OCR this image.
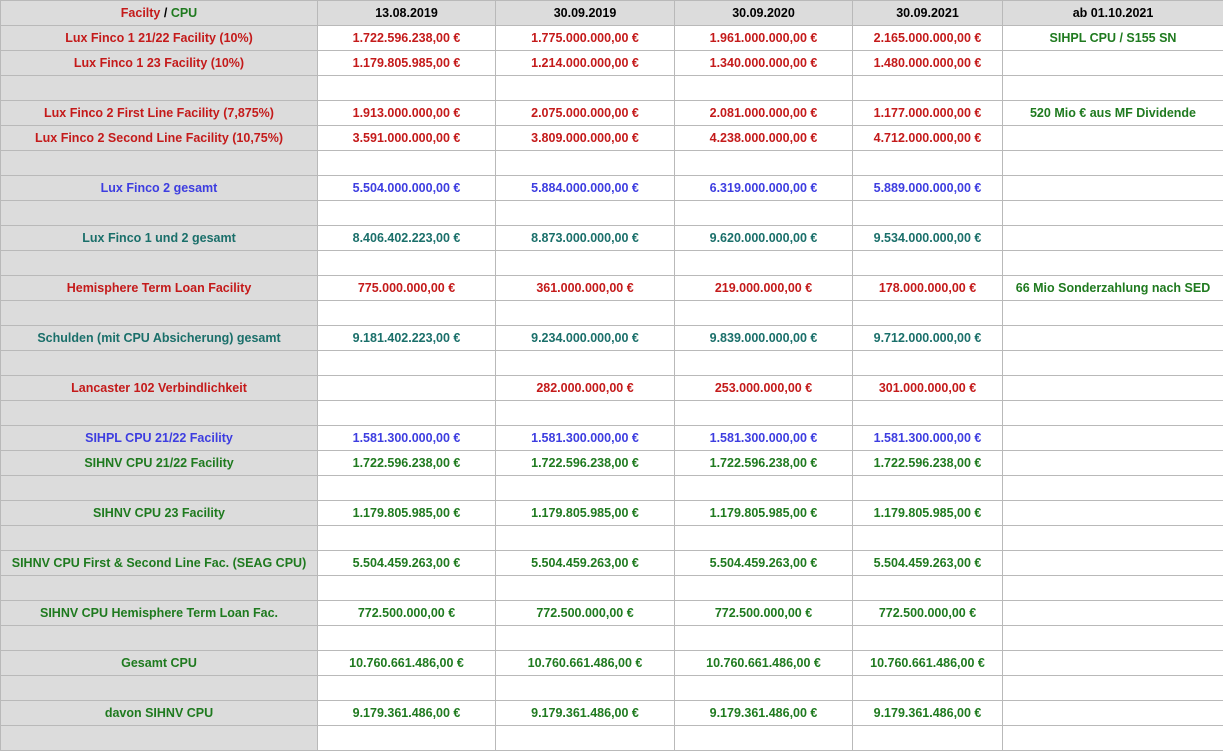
Facilty / CPU	13.08.2019	30.09.2019	30.09.2020	30.09.2021	ab 01.10.2021
Lux Finco 1 21/22 Facility (10%)	1.722.596.238,00 €	1.775.000.000,00 €	1.961.000.000,00 €	2.165.000.000,00 €	SIHPL CPU / S155 SN
Lux Finco 1 23 Facility (10%)	1.179.805.985,00 €	1.214.000.000,00 €	1.340.000.000,00 €	1.480.000.000,00 €	

Lux Finco 2 First Line Facility (7,875%)	1.913.000.000,00 €	2.075.000.000,00 €	2.081.000.000,00 €	1.177.000.000,00 €	520 Mio € aus MF Dividende
Lux Finco 2 Second Line Facility (10,75%)	3.591.000.000,00 €	3.809.000.000,00 €	4.238.000.000,00 €	4.712.000.000,00 €	

Lux Finco 2 gesamt	5.504.000.000,00 €	5.884.000.000,00 €	6.319.000.000,00 €	5.889.000.000,00 €	

Lux Finco 1 und 2 gesamt	8.406.402.223,00 €	8.873.000.000,00 €	9.620.000.000,00 €	9.534.000.000,00 €	

Hemisphere Term Loan Facility	775.000.000,00 €	361.000.000,00 €	219.000.000,00 €	178.000.000,00 €	66 Mio Sonderzahlung nach SED

Schulden (mit CPU Absicherung) gesamt	9.181.402.223,00 €	9.234.000.000,00 €	9.839.000.000,00 €	9.712.000.000,00 €	

Lancaster 102 Verbindlichkeit		282.000.000,00 €	253.000.000,00 €	301.000.000,00 €	

SIHPL CPU 21/22 Facility	1.581.300.000,00 €	1.581.300.000,00 €	1.581.300.000,00 €	1.581.300.000,00 €	
SIHNV CPU 21/22 Facility	1.722.596.238,00 €	1.722.596.238,00 €	1.722.596.238,00 €	1.722.596.238,00 €	

SIHNV CPU 23 Facility	1.179.805.985,00 €	1.179.805.985,00 €	1.179.805.985,00 €	1.179.805.985,00 €	

SIHNV CPU First & Second Line Fac. (SEAG CPU)	5.504.459.263,00 €	5.504.459.263,00 €	5.504.459.263,00 €	5.504.459.263,00 €	

SIHNV CPU Hemisphere Term Loan Fac.	772.500.000,00 €	772.500.000,00 €	772.500.000,00 €	772.500.000,00 €	

Gesamt CPU	10.760.661.486,00 €	10.760.661.486,00 €	10.760.661.486,00 €	10.760.661.486,00 €	

davon SIHNV CPU	9.179.361.486,00 €	9.179.361.486,00 €	9.179.361.486,00 €	9.179.361.486,00 €	
